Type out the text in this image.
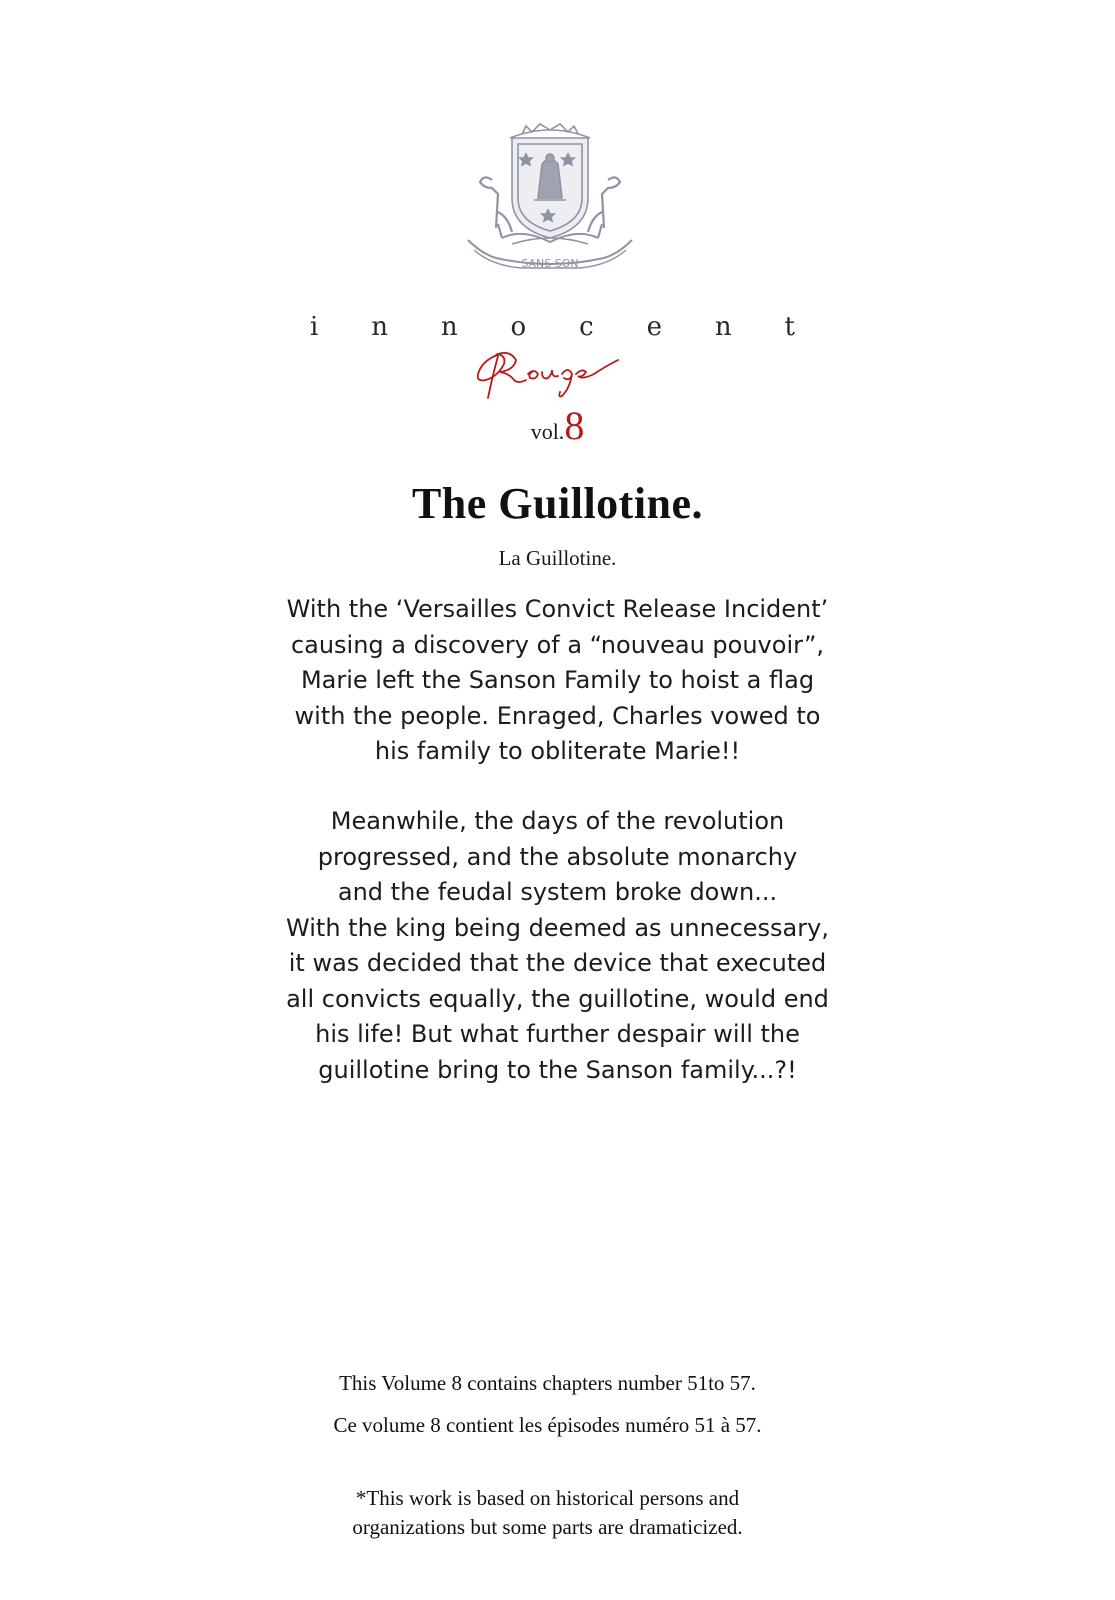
SANS SON
i n n o c e n t
Rouge
vol.8
The Guillotine.
La Guillotine.
With the ‘Versailles Convict Release Incident’
causing a discovery of a “nouveau pouvoir”,
Marie left the Sanson Family to hoist a flag
with the people. Enraged, Charles vowed to
his family to obliterate Marie!!
Meanwhile, the days of the revolution
progressed, and the absolute monarchy
and the feudal system broke down...
With the king being deemed as unnecessary,
it was decided that the device that executed
all convicts equally, the guillotine, would end
his life! But what further despair will the
guillotine bring to the Sanson family...?!
This Volume 8 contains chapters number 51to 57.
Ce volume 8 contient les épisodes numéro 51 à 57.
*This work is based on historical persons and
organizations but some parts are dramaticized.
